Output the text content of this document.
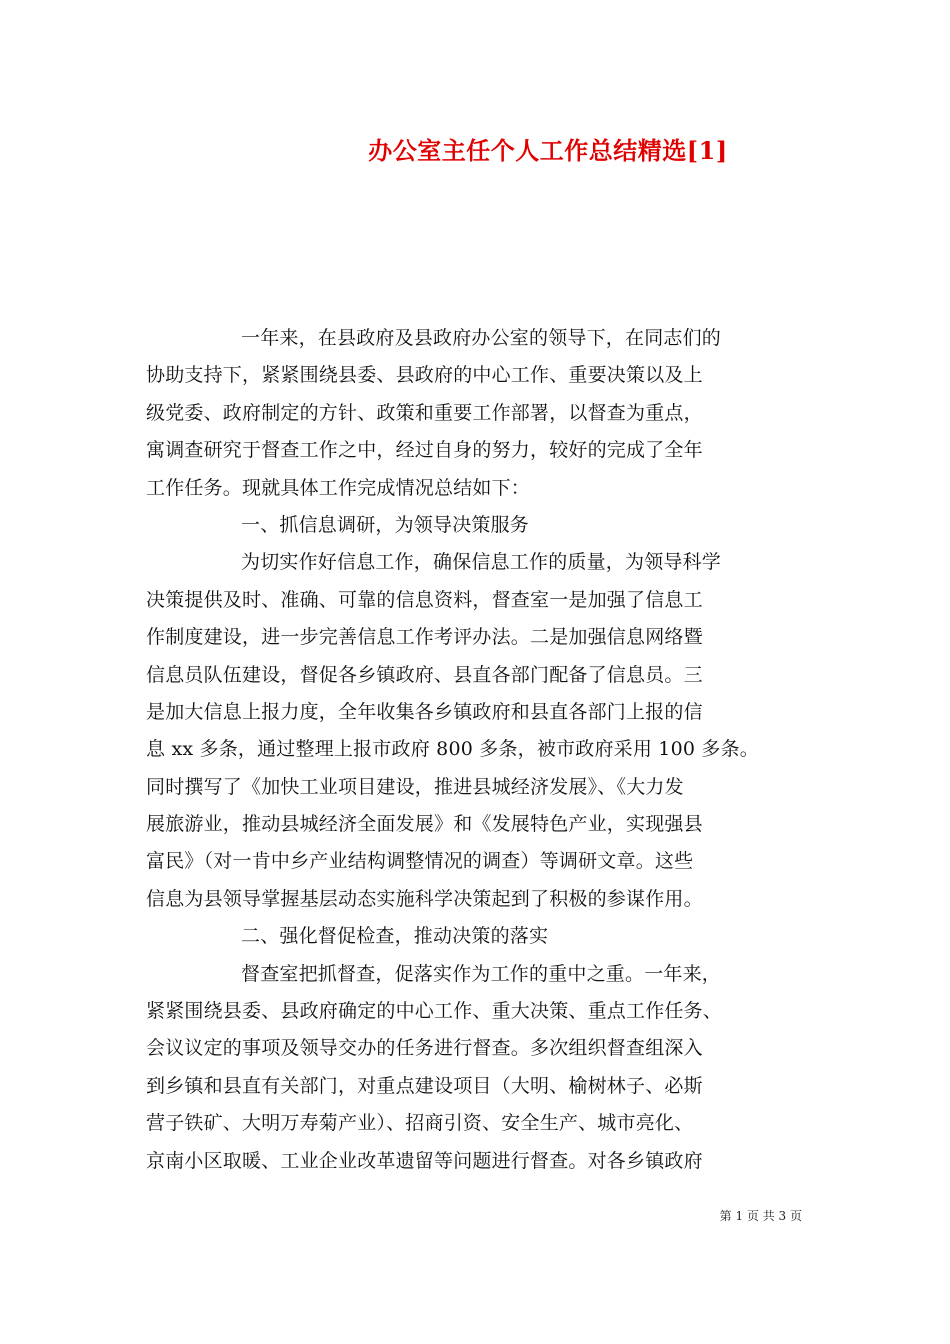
办公室主任个人工作总结精选[1]
一年来，在县政府及县政府办公室的领导下，在同志们的
协助支持下，紧紧围绕县委、县政府的中心工作、重要决策以及上
级党委、政府制定的方针、政策和重要工作部署，以督查为重点，
寓调查研究于督查工作之中，经过自身的努力，较好的完成了全年
工作任务。现就具体工作完成情况总结如下：
一、抓信息调研，为领导决策服务
为切实作好信息工作，确保信息工作的质量，为领导科学
决策提供及时、准确、可靠的信息资料，督查室一是加强了信息工
作制度建设，进一步完善信息工作考评办法。二是加强信息网络暨
信息员队伍建设，督促各乡镇政府、县直各部门配备了信息员。三
是加大信息上报力度，全年收集各乡镇政府和县直各部门上报的信
息 xx 多条，通过整理上报市政府 800 多条，被市政府采用 100 多条。
同时撰写了《加快工业项目建设，推进县城经济发展》、《大力发
展旅游业，推动县城经济全面发展》和《发展特色产业，实现强县
富民》（对一肯中乡产业结构调整情况的调查）等调研文章。这些
信息为县领导掌握基层动态实施科学决策起到了积极的参谋作用。
二、强化督促检查，推动决策的落实
督查室把抓督查，促落实作为工作的重中之重。一年来，
紧紧围绕县委、县政府确定的中心工作、重大决策、重点工作任务、
会议议定的事项及领导交办的任务进行督查。多次组织督查组深入
到乡镇和县直有关部门，对重点建设项目（大明、榆树林子、必斯
营子铁矿、大明万寿菊产业）、招商引资、安全生产、城市亮化、
京南小区取暖、工业企业改革遗留等问题进行督查。对各乡镇政府
第 1 页 共 3 页
